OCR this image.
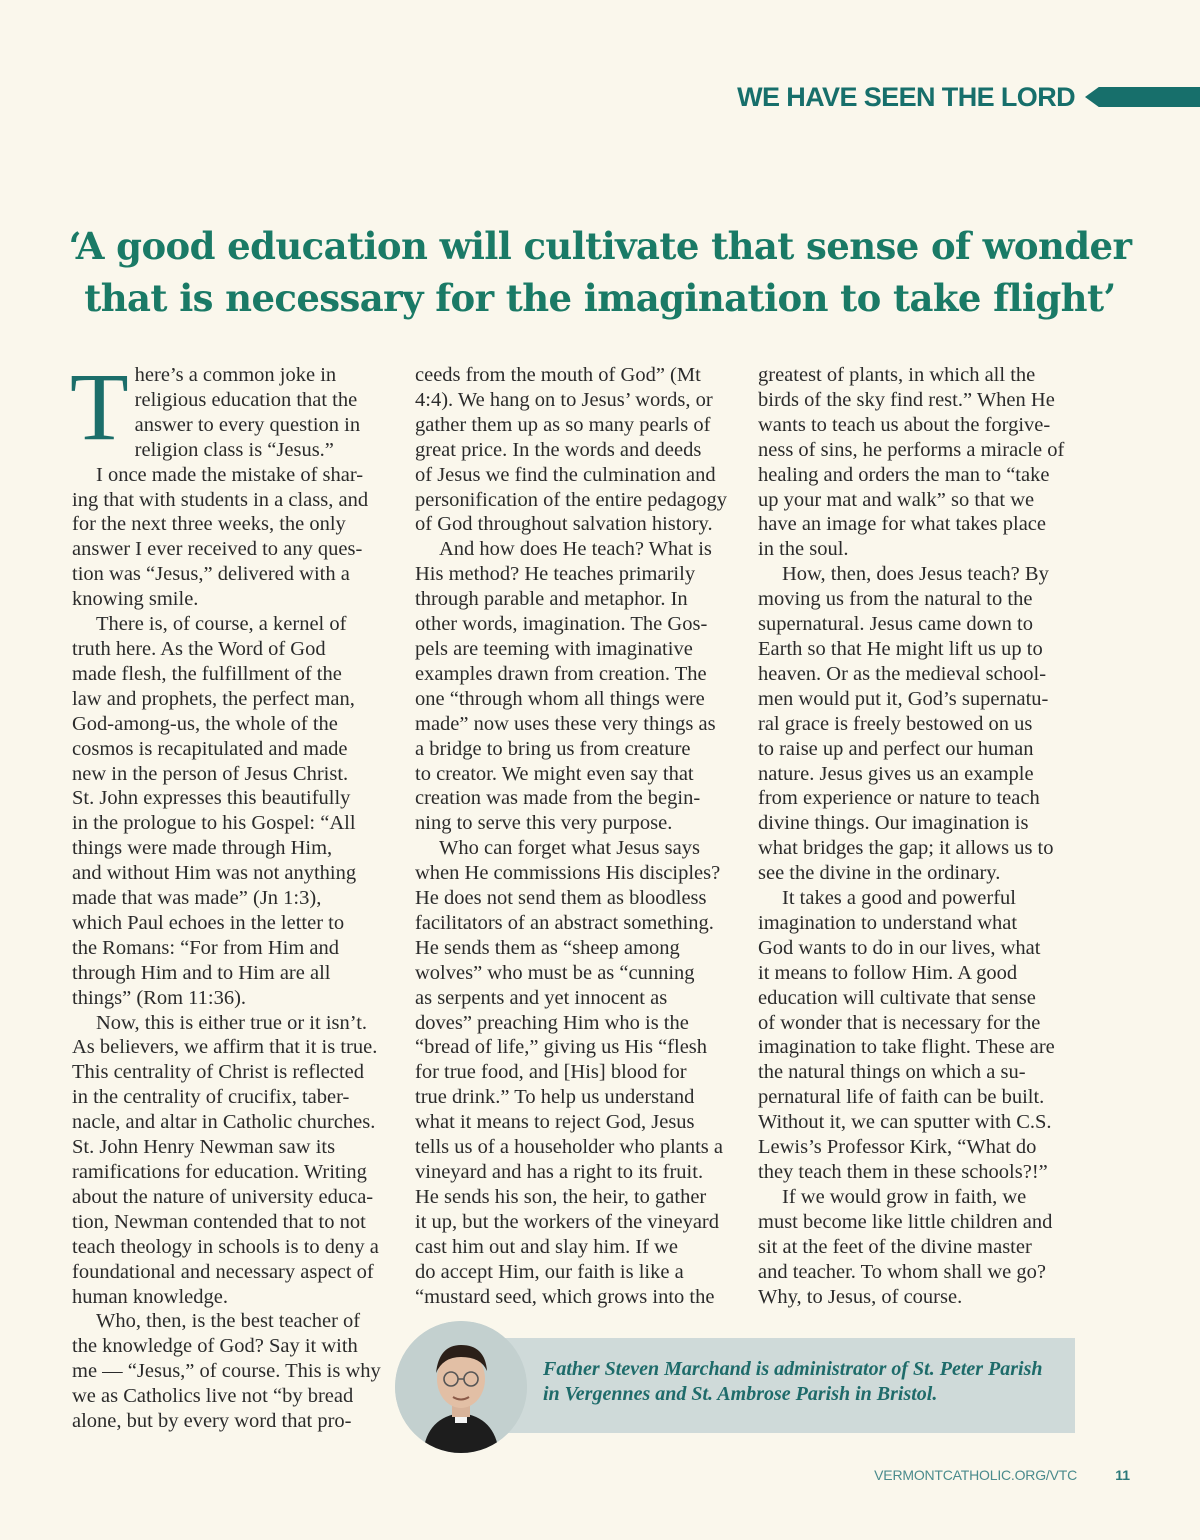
WE HAVE SEEN THE LORD
‘A good education will cultivate that sense of wonder
that is necessary for the imagination to take flight’
T here’s a common joke in

religious education that the

answer to every question in

religion class is “Jesus.”

I once made the mistake of shar-

ing that with students in a class, and

for the next three weeks, the only

answer I ever received to any ques-

tion was “Jesus,” delivered with a

knowing smile.

There is, of course, a kernel of

truth here. As the Word of God

made flesh, the fulfillment of the

law and prophets, the perfect man,

God-among-us, the whole of the

cosmos is recapitulated and made

new in the person of Jesus Christ.

St. John expresses this beautifully

in the prologue to his Gospel: “All

things were made through Him,

and without Him was not anything

made that was made” (Jn 1:3),

which Paul echoes in the letter to

the Romans: “For from Him and

through Him and to Him are all

things” (Rom 11:36).

Now, this is either true or it isn’t.

As believers, we affirm that it is true.

This centrality of Christ is reflected

in the centrality of crucifix, taber-

nacle, and altar in Catholic churches.

St. John Henry Newman saw its

ramifications for education. Writing

about the nature of university educa-

tion, Newman contended that to not

teach theology in schools is to deny a

foundational and necessary aspect of

human knowledge.

Who, then, is the best teacher of

the knowledge of God? Say it with

me — “Jesus,” of course. This is why

we as Catholics live not “by bread

alone, but by every word that pro-

ceeds from the mouth of God” (Mt

4:4). We hang on to Jesus’ words, or

gather them up as so many pearls of

great price. In the words and deeds

of Jesus we find the culmination and

personification of the entire pedagogy

of God throughout salvation history.

And how does He teach? What is

His method? He teaches primarily

through parable and metaphor. In

other words, imagination. The Gos-

pels are teeming with imaginative

examples drawn from creation. The

one “through whom all things were

made” now uses these very things as

a bridge to bring us from creature

to creator. We might even say that

creation was made from the begin-

ning to serve this very purpose.

Who can forget what Jesus says

when He commissions His disciples?

He does not send them as bloodless

facilitators of an abstract something.

He sends them as “sheep among

wolves” who must be as “cunning

as serpents and yet innocent as

doves” preaching Him who is the

“bread of life,” giving us His “flesh

for true food, and [His] blood for

true drink.” To help us understand

what it means to reject God, Jesus

tells us of a householder who plants a

vineyard and has a right to its fruit.

He sends his son, the heir, to gather

it up, but the workers of the vineyard

cast him out and slay him. If we

do accept Him, our faith is like a

“mustard seed, which grows into the

greatest of plants, in which all the

birds of the sky find rest.” When He

wants to teach us about the forgive-

ness of sins, he performs a miracle of

healing and orders the man to “take

up your mat and walk” so that we

have an image for what takes place

in the soul.

How, then, does Jesus teach? By

moving us from the natural to the

supernatural. Jesus came down to

Earth so that He might lift us up to

heaven. Or as the medieval school-

men would put it, God’s supernatu-

ral grace is freely bestowed on us

to raise up and perfect our human

nature. Jesus gives us an example

from experience or nature to teach

divine things. Our imagination is

what bridges the gap; it allows us to

see the divine in the ordinary.

It takes a good and powerful

imagination to understand what

God wants to do in our lives, what

it means to follow Him. A good

education will cultivate that sense

of wonder that is necessary for the

imagination to take flight. These are

the natural things on which a su-

pernatural life of faith can be built.

Without it, we can sputter with C.S.

Lewis’s Professor Kirk, “What do

they teach them in these schools?!”

If we would grow in faith, we

must become like little children and

sit at the feet of the divine master

and teacher. To whom shall we go?

Why, to Jesus, of course.

Father Steven Marchand is administrator of St. Peter Parish
in Vergennes and St. Ambrose Parish in Bristol.
VERMONTCATHOLIC.ORG/VTC	11
